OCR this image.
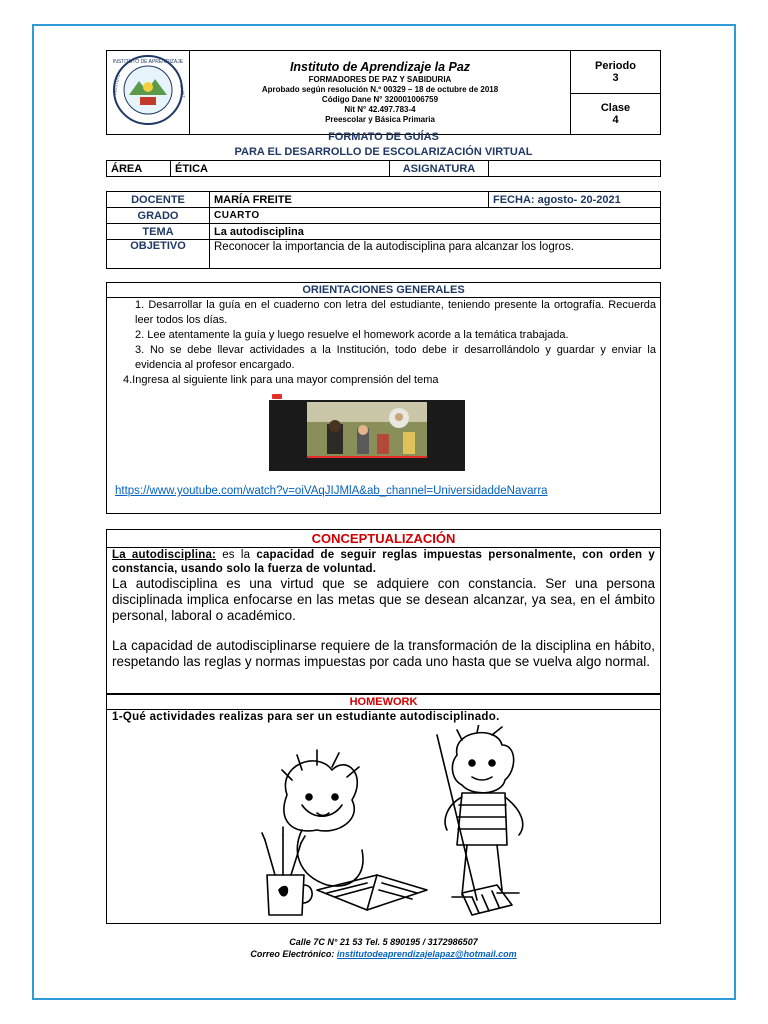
INSTITUTO DE APRENDIZAJE
INSTITUTO	LA PAZ

Instituto de Aprendizaje la Paz
FORMADORES DE PAZ Y SABIDURIA
Aprobado según resolución N.º 00329 – 18 de octubre de 2018
Código Dane N° 320001006759
Nit N° 42.497.783-4
Preescolar y Básica Primaria

Periodo
3

Clase
4
FORMATO DE GUÍAS
PARA EL DESARROLLO DE ESCOLARIZACIÓN VIRTUAL
ÁREA	ÉTICA	ASIGNATURA	
DOCENTE	MARÍA FREITE	FECHA: agosto- 20-2021
GRADO	CUARTO	
TEMA	La autodisciplina	
OBJETIVO	Reconocer la importancia de la autodisciplina para alcanzar los logros.	
ORIENTACIONES GENERALES
1. Desarrollar la guía en el cuaderno con letra del estudiante, teniendo presente la ortografía. Recuerda leer todos los días.
2. Lee atentamente la guía y luego resuelve el homework acorde a la temática trabajada.
3. No se debe llevar actividades a la Institución, todo debe ir desarrollándolo y guardar y enviar la evidencia al profesor encargado.
4.Ingresa al siguiente link para una mayor comprensión del tema
https://www.youtube.com/watch?v=oiVAqJIJMlA&ab_channel=UniversidaddeNavarra
CONCEPTUALIZACIÓN

La autodisciplina: es la capacidad de seguir reglas impuestas personalmente, con orden y constancia, usando solo la fuerza de voluntad.

La autodisciplina es una virtud que se adquiere con constancia. Ser una persona disciplinada implica enfocarse en las metas que se desean alcanzar, ya sea, en el ámbito personal, laboral o académico.

La capacidad de autodisciplinarse requiere de la transformación de la disciplina en hábito, respetando las reglas y normas impuestas por cada uno hasta que se vuelva algo normal.

HOMEWORK
1-Qué actividades realizas para ser un estudiante autodisciplinado.
Calle 7C N° 21 53 Tel. 5 890195 / 3172986507
Correo Electrónico: institutodeaprendizajelapaz@hotmail.com
